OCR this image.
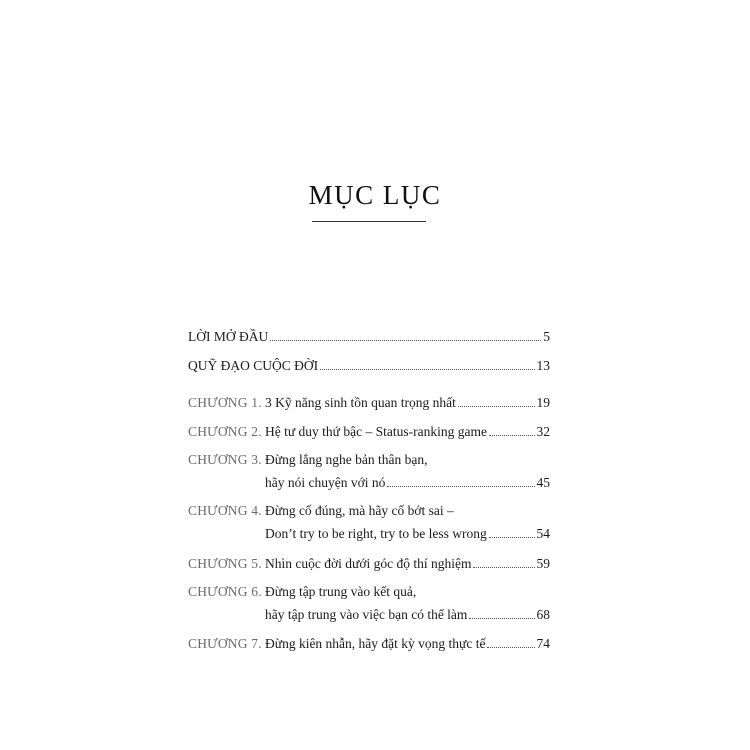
MỤC LỤC
LỜI MỞ ĐẦU	5
QUỸ ĐẠO CUỘC ĐỜI	13
CHƯƠNG 1. 3 Kỹ năng sinh tồn quan trọng nhất	19
CHƯƠNG 2. Hệ tư duy thứ bậc – Status-ranking game	32
CHƯƠNG 3. Đừng lắng nghe bản thân bạn,
hãy nói chuyện với nó	45
CHƯƠNG 4. Đừng cố đúng, mà hãy cố bớt sai –
Don’t try to be right, try to be less wrong	54
CHƯƠNG 5. Nhìn cuộc đời dưới góc độ thí nghiệm	59
CHƯƠNG 6. Đừng tập trung vào kết quả,
hãy tập trung vào việc bạn có thể làm	68
CHƯƠNG 7. Đừng kiên nhẫn, hãy đặt kỳ vọng thực tế	74
